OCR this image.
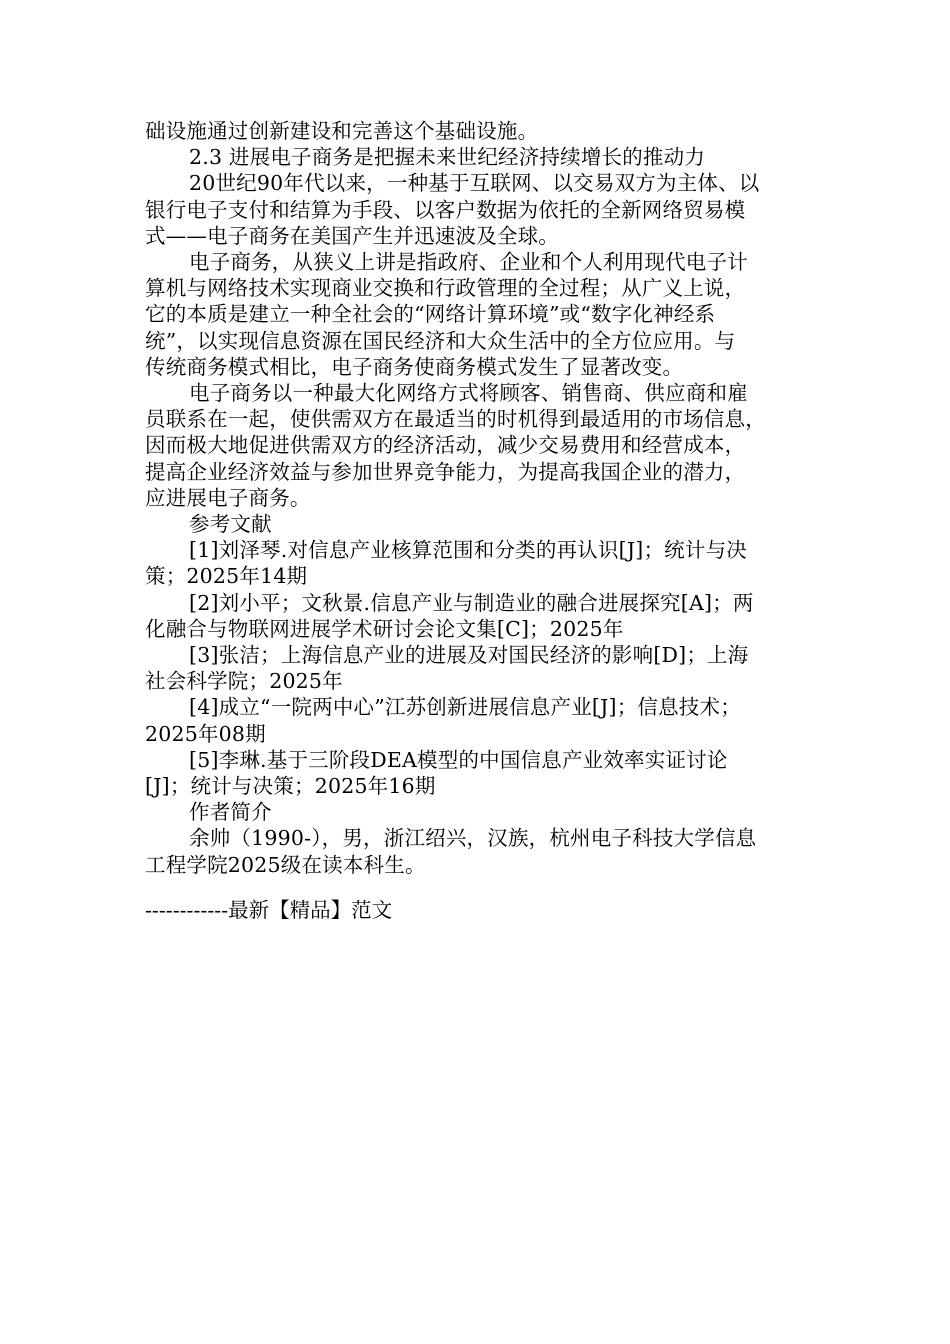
础设施通过创新建设和完善这个基础设施。
2.3 进展电子商务是把握未来世纪经济持续增长的推动力
20世纪90年代以来，一种基于互联网、以交易双方为主体、以
银行电子支付和结算为手段、以客户数据为依托的全新网络贸易模
式——电子商务在美国产生并迅速波及全球。
电子商务，从狭义上讲是指政府、企业和个人利用现代电子计
算机与网络技术实现商业交换和行政管理的全过程；从广义上说，
它的本质是建立一种全社会的“网络计算环境”或“数字化神经系
统”，以实现信息资源在国民经济和大众生活中的全方位应用。与
传统商务模式相比，电子商务使商务模式发生了显著改变。
电子商务以一种最大化网络方式将顾客、销售商、供应商和雇
员联系在一起，使供需双方在最适当的时机得到最适用的市场信息，
因而极大地促进供需双方的经济活动，减少交易费用和经营成本，
提高企业经济效益与参加世界竞争能力，为提高我国企业的潜力，
应进展电子商务。
参考文献
[1]刘泽琴.对信息产业核算范围和分类的再认识[J]；统计与决
策；2025年14期
[2]刘小平；文秋景.信息产业与制造业的融合进展探究[A]；两
化融合与物联网进展学术研讨会论文集[C]；2025年
[3]张洁；上海信息产业的进展及对国民经济的影响[D]；上海
社会科学院；2025年
[4]成立“一院两中心”江苏创新进展信息产业[J]；信息技术；
2025年08期
[5]李琳.基于三阶段DEA模型的中国信息产业效率实证讨论
[J]；统计与决策；2025年16期
作者简介
余帅（1990-），男，浙江绍兴，汉族，杭州电子科技大学信息
工程学院2025级在读本科生。
------------最新【精品】范文
